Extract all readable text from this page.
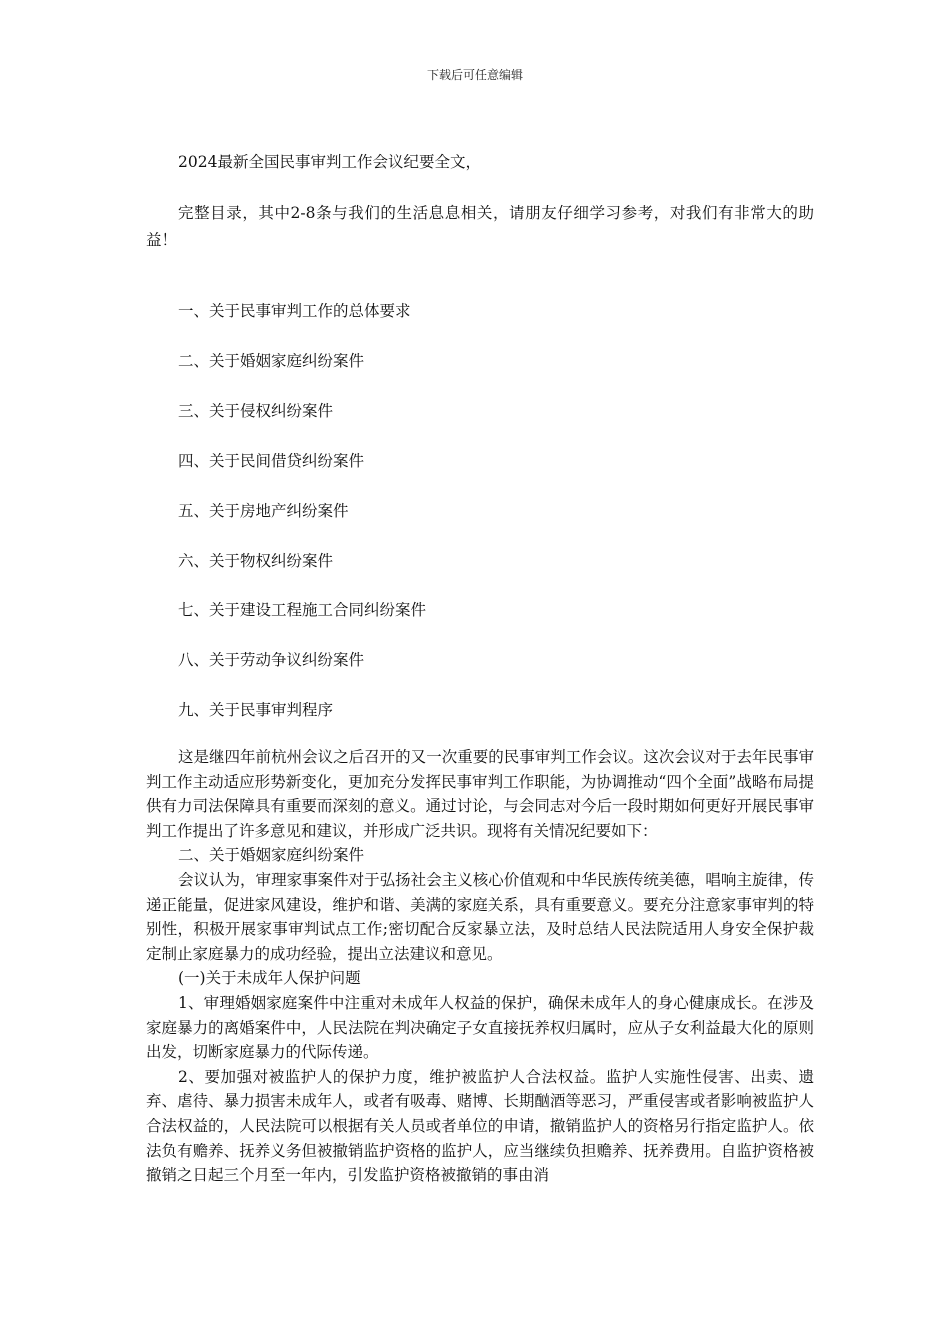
下载后可任意编辑

2024最新全国民事审判工作会议纪要全文，

完整目录，其中2-8条与我们的生活息息相关，请朋友仔细学习参考，对我们有非常大的助益！

一、关于民事审判工作的总体要求
二、关于婚姻家庭纠纷案件
三、关于侵权纠纷案件
四、关于民间借贷纠纷案件
五、关于房地产纠纷案件
六、关于物权纠纷案件
七、关于建设工程施工合同纠纷案件
八、关于劳动争议纠纷案件
九、关于民事审判程序

这是继四年前杭州会议之后召开的又一次重要的民事审判工作会议。这次会议对于去年民事审判工作主动适应形势新变化，更加充分发挥民事审判工作职能，为协调推动“四个全面”战略布局提供有力司法保障具有重要而深刻的意义。通过讨论，与会同志对今后一段时期如何更好开展民事审判工作提出了许多意见和建议，并形成广泛共识。现将有关情况纪要如下：

二、关于婚姻家庭纠纷案件

会议认为，审理家事案件对于弘扬社会主义核心价值观和中华民族传统美德，唱响主旋律，传递正能量，促进家风建设，维护和谐、美满的家庭关系，具有重要意义。要充分注意家事审判的特别性，积极开展家事审判试点工作;密切配合反家暴立法，及时总结人民法院适用人身安全保护裁定制止家庭暴力的成功经验，提出立法建议和意见。

(一)关于未成年人保护问题

1、审理婚姻家庭案件中注重对未成年人权益的保护，确保未成年人的身心健康成长。在涉及家庭暴力的离婚案件中，人民法院在判决确定子女直接抚养权归属时，应从子女利益最大化的原则出发，切断家庭暴力的代际传递。

2、要加强对被监护人的保护力度，维护被监护人合法权益。监护人实施性侵害、出卖、遗弃、虐待、暴力损害未成年人，或者有吸毒、赌博、长期酗酒等恶习，严重侵害或者影响被监护人合法权益的，人民法院可以根据有关人员或者单位的申请，撤销监护人的资格另行指定监护人。依法负有赡养、抚养义务但被撤销监护资格的监护人，应当继续负担赡养、抚养费用。自监护资格被撤销之日起三个月至一年内，引发监护资格被撤销的事由消
